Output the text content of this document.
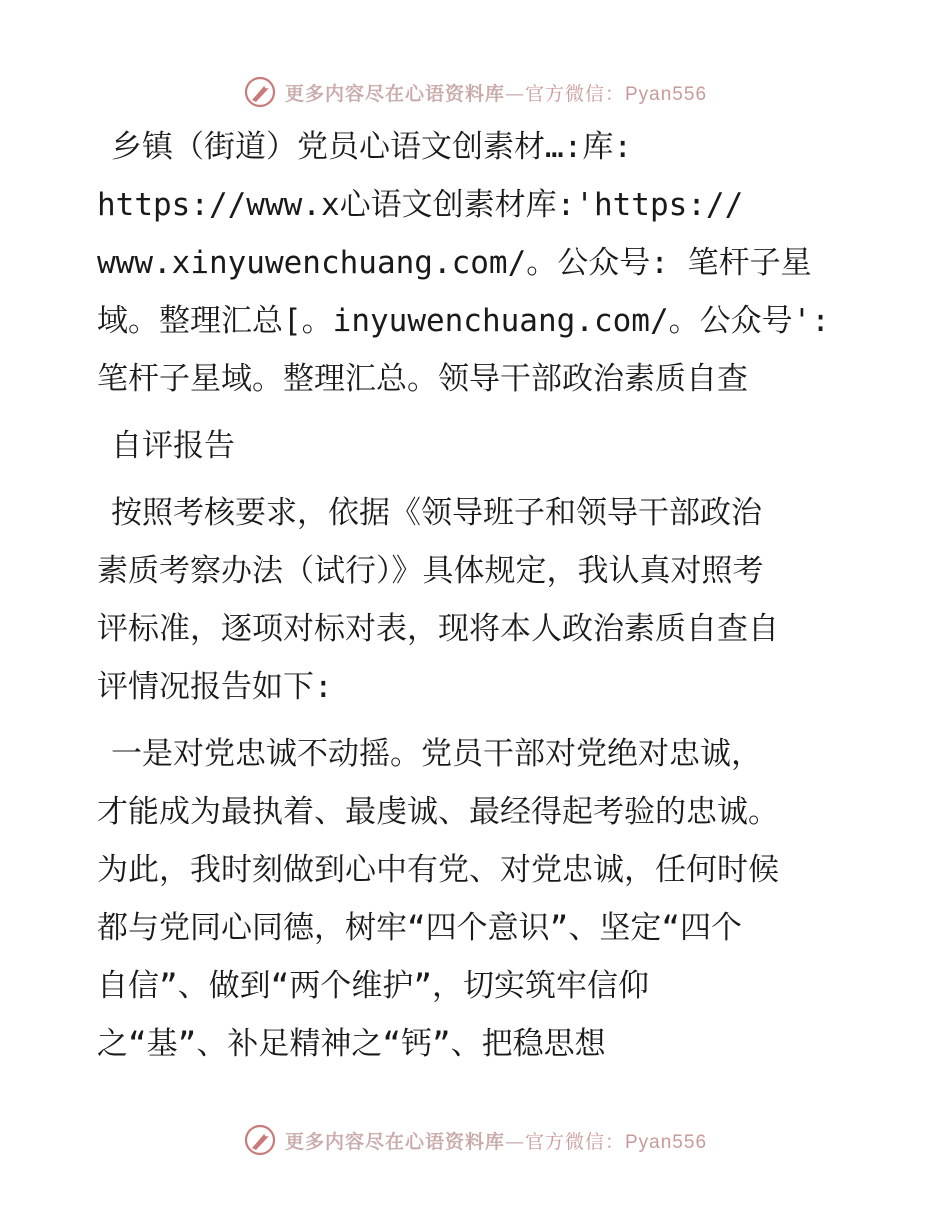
更多内容尽在心语资料库—官方微信：Pyan556
乡镇（街道）党员心语文创素材…:库:
https://www.x心语文创素材库:'https://
www.xinyuwenchuang.com/。公众号: 笔杆子星
域。整理汇总[。inyuwenchuang.com/。公众号':
笔杆子星域。整理汇总。领导干部政治素质自查
自评报告
按照考核要求，依据《领导班子和领导干部政治
素质考察办法（试行）》具体规定，我认真对照考
评标准，逐项对标对表，现将本人政治素质自查自
评情况报告如下:
一是对党忠诚不动摇。党员干部对党绝对忠诚，
才能成为最执着、最虔诚、最经得起考验的忠诚。
为此，我时刻做到心中有党、对党忠诚，任何时候
都与党同心同德，树牢“四个意识”、坚定“四个
自信”、做到“两个维护”，切实筑牢信仰
之“基”、补足精神之“钙”、把稳思想
更多内容尽在心语资料库—官方微信：Pyan556
